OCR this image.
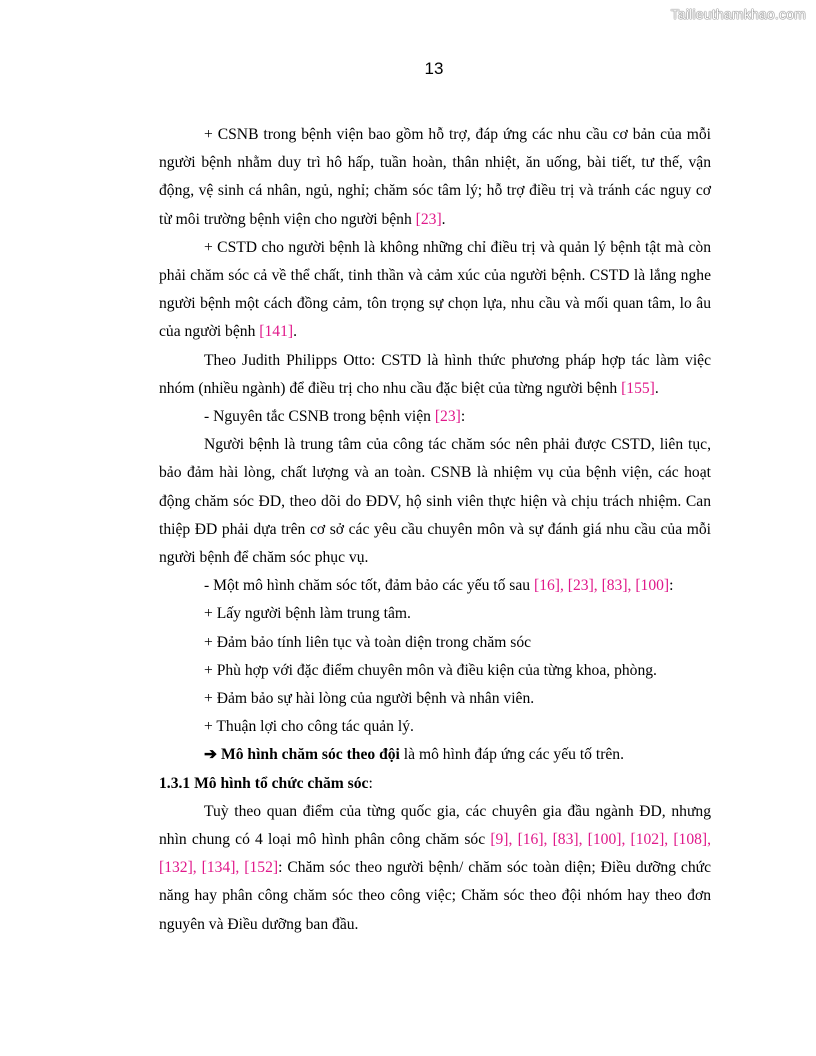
Tailieuthamkhao.com
13

+ CSNB trong bệnh viện bao gồm hỗ trợ, đáp ứng các nhu cầu cơ bản của mỗi người bệnh nhằm duy trì hô hấp, tuần hoàn, thân nhiệt, ăn uống, bài tiết, tư thế, vận động, vệ sinh cá nhân, ngủ, nghỉ; chăm sóc tâm lý; hỗ trợ điều trị và tránh các nguy cơ từ môi trường bệnh viện cho người bệnh [23].

+ CSTD cho người bệnh là không những chỉ điều trị và quản lý bệnh tật mà còn phải chăm sóc cả về thể chất, tinh thần và cảm xúc của người bệnh. CSTD là lắng nghe người bệnh một cách đồng cảm, tôn trọng sự chọn lựa, nhu cầu và mối quan tâm, lo âu của người bệnh [141].

Theo Judith Philipps Otto: CSTD là hình thức phương pháp hợp tác làm việc nhóm (nhiều ngành) để điều trị cho nhu cầu đặc biệt của từng người bệnh [155].

- Nguyên tắc CSNB trong bệnh viện [23]:

Người bệnh là trung tâm của công tác chăm sóc nên phải được CSTD, liên tục, bảo đảm hài lòng, chất lượng và an toàn. CSNB là nhiệm vụ của bệnh viện, các hoạt động chăm sóc ĐD, theo dõi do ĐDV, hộ sinh viên thực hiện và chịu trách nhiệm. Can thiệp ĐD phải dựa trên cơ sở các yêu cầu chuyên môn và sự đánh giá nhu cầu của mỗi người bệnh để chăm sóc phục vụ.

- Một mô hình chăm sóc tốt, đảm bảo các yếu tố sau [16], [23], [83], [100]:

+ Lấy người bệnh làm trung tâm.

+ Đảm bảo tính liên tục và toàn diện trong chăm sóc

+ Phù hợp với đặc điểm chuyên môn và điều kiện của từng khoa, phòng.

+ Đảm bảo sự hài lòng của người bệnh và nhân viên.

+ Thuận lợi cho công tác quản lý.

➔ Mô hình chăm sóc theo đội là mô hình đáp ứng các yếu tố trên.

1.3.1 Mô hình tổ chức chăm sóc:

Tuỳ theo quan điểm của từng quốc gia, các chuyên gia đầu ngành ĐD, nhưng nhìn chung có 4 loại mô hình phân công chăm sóc [9], [16], [83], [100], [102], [108], [132], [134], [152]: Chăm sóc theo người bệnh/ chăm sóc toàn diện; Điều dưỡng chức năng hay phân công chăm sóc theo công việc; Chăm sóc theo đội nhóm hay theo đơn nguyên và Điều dưỡng ban đầu.
